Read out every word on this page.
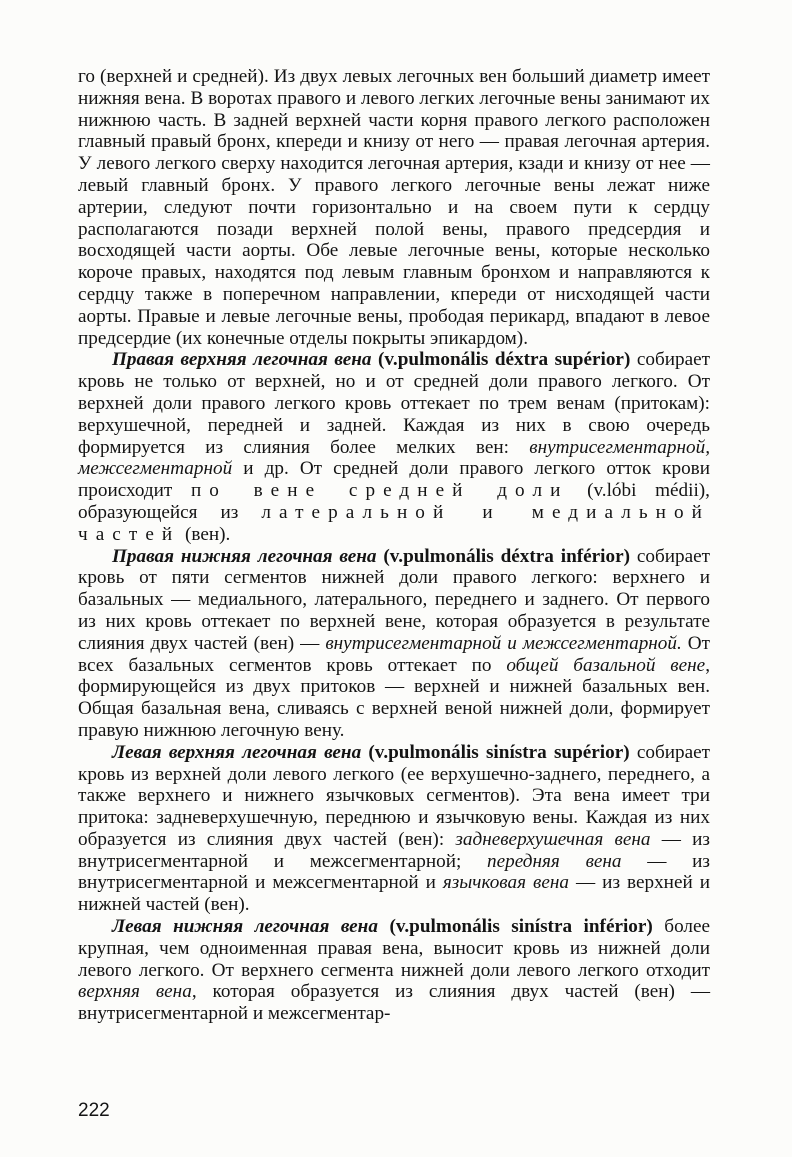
го (верхней и средней). Из двух левых легочных вен больший диаметр имеет нижняя вена. В воротах правого и левого легких легочные вены занимают их нижнюю часть. В задней верхней части корня правого легкого расположен главный правый бронх, кпереди и книзу от него — правая легочная артерия. У левого легкого сверху находится легочная артерия, кзади и книзу от нее — левый главный бронх. У правого легкого легочные вены лежат ниже артерии, следуют почти горизонтально и на своем пути к сердцу располагаются позади верхней полой вены, правого предсердия и восходящей части аорты. Обе левые легочные вены, которые несколько короче правых, находятся под левым главным бронхом и направляются к сердцу также в поперечном направлении, кпереди от нисходящей части аорты. Правые и левые легочные вены, прободая перикард, впадают в левое предсердие (их конечные отделы покрыты эпикардом).

Правая верхняя легочная вена (v.pulmonális déxtra supérior) собирает кровь не только от верхней, но и от средней доли правого легкого. От верхней доли правого легкого кровь оттекает по трем венам (притокам): верхушечной, передней и задней. Каждая из них в свою очередь формируется из слияния более мелких вен: внутрисегментарной, межсегментарной и др. От средней доли правого легкого отток крови происходит по вене средней доли (v.lóbi médii), образующейся из латеральной и медиальной частей (вен).

Правая нижняя легочная вена (v.pulmonális déxtra inférior) собирает кровь от пяти сегментов нижней доли правого легкого: верхнего и базальных — медиального, латерального, переднего и заднего. От первого из них кровь оттекает по верхней вене, которая образуется в результате слияния двух частей (вен) — внутрисегментарной и межсегментарной. От всех базальных сегментов кровь оттекает по общей базальной вене, формирующейся из двух притоков — верхней и нижней базальных вен. Общая базальная вена, сливаясь с верхней веной нижней доли, формирует правую нижнюю легочную вену.

Левая верхняя легочная вена (v.pulmonális sinístra supérior) собирает кровь из верхней доли левого легкого (ее верхушечно-заднего, переднего, а также верхнего и нижнего язычковых сегментов). Эта вена имеет три притока: задневерхушечную, переднюю и язычковую вены. Каждая из них образуется из слияния двух частей (вен): задневерхушечная вена — из внутрисегментарной и межсегментарной; передняя вена — из внутрисегментарной и межсегментарной и язычковая вена — из верхней и нижней частей (вен).

Левая нижняя легочная вена (v.pulmonális sinístra inférior) более крупная, чем одноименная правая вена, выносит кровь из нижней доли левого легкого. От верхнего сегмента нижней доли левого легкого отходит верхняя вена, которая образуется из слияния двух частей (вен) — внутрисегментарной и межсегментар-

222
